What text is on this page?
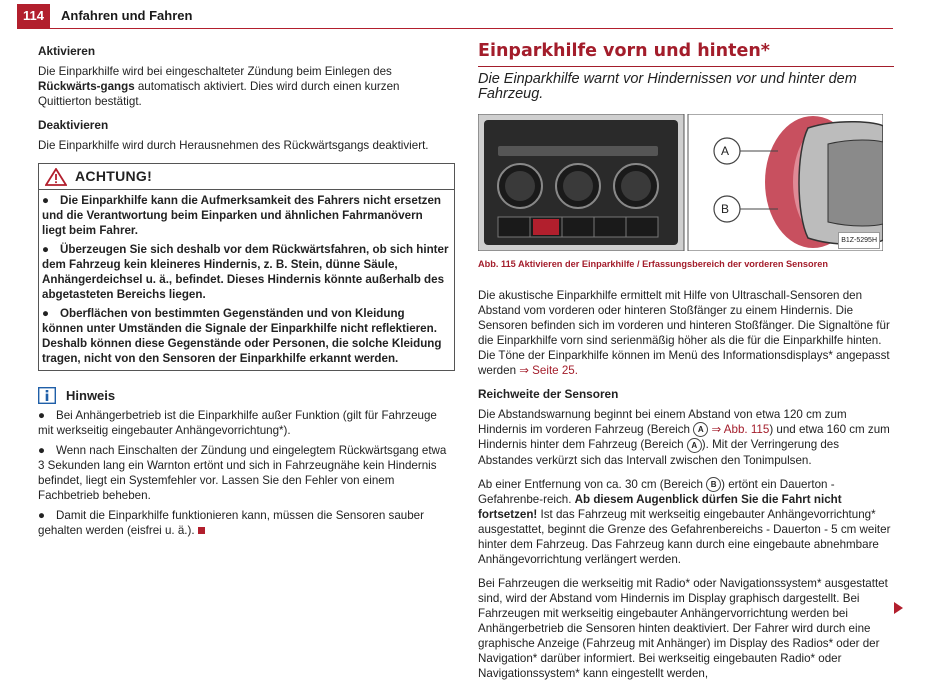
114	Anfahren und Fahren
Aktivieren

Die Einparkhilfe wird bei eingeschalteter Zündung beim Einlegen des Rückwärts-gangs automatisch aktiviert. Dies wird durch einen kurzen Quittierton bestätigt.

Deaktivieren

Die Einparkhilfe wird durch Herausnehmen des Rückwärtsgangs deaktiviert.

ACHTUNG!
● Die Einparkhilfe kann die Aufmerksamkeit des Fahrers nicht ersetzen und die Verantwortung beim Einparken und ähnlichen Fahrmanövern liegt beim Fahrer.
● Überzeugen Sie sich deshalb vor dem Rückwärtsfahren, ob sich hinter dem Fahrzeug kein kleineres Hindernis, z. B. Stein, dünne Säule, Anhängerdeichsel u. ä., befindet. Dieses Hindernis könnte außerhalb des abgetasteten Bereichs liegen.
● Oberflächen von bestimmten Gegenständen und von Kleidung können unter Umständen die Signale der Einparkhilfe nicht reflektieren. Deshalb können diese Gegenstände oder Personen, die solche Kleidung tragen, nicht von den Sensoren der Einparkhilfe erkannt werden.
Hinweis
● Bei Anhängerbetrieb ist die Einparkhilfe außer Funktion (gilt für Fahrzeuge mit werkseitig eingebauter Anhängevorrichtung*).
● Wenn nach Einschalten der Zündung und eingelegtem Rückwärtsgang etwa 3 Sekunden lang ein Warnton ertönt und sich in Fahrzeugnähe kein Hindernis befindet, liegt ein Systemfehler vor. Lassen Sie den Fehler von einem Fachbetrieb beheben.
● Damit die Einparkhilfe funktionieren kann, müssen die Sensoren sauber gehalten werden (eisfrei u. ä.).
Einparkhilfe vorn und hinten*
Die Einparkhilfe warnt vor Hindernissen vor und hinter dem Fahrzeug.
A
B
B1Z-5295H
Abb. 115 Aktivieren der Einparkhilfe / Erfassungsbereich der vorderen Sensoren

Die akustische Einparkhilfe ermittelt mit Hilfe von Ultraschall-Sensoren den Abstand vom vorderen oder hinteren Stoßfänger zu einem Hindernis. Die Sensoren befinden sich im vorderen und hinteren Stoßfänger. Die Signaltöne für die Einparkhilfe vorn sind serienmäßig höher als die für die Einparkhilfe hinten. Die Töne der Einparkhilfe können im Menü des Informationsdisplays* angepasst werden ⇒ Seite 25.

Reichweite der Sensoren

Die Abstandswarnung beginnt bei einem Abstand von etwa 120 cm zum Hindernis im vorderen Fahrzeug (Bereich A ⇒ Abb. 115) und etwa 160 cm zum Hindernis hinter dem Fahrzeug (Bereich A ). Mit der Verringerung des Abstandes verkürzt sich das Intervall zwischen den Tonimpulsen.

Ab einer Entfernung von ca. 30 cm (Bereich B ) ertönt ein Dauerton - Gefahrenbe-reich. Ab diesem Augenblick dürfen Sie die Fahrt nicht fortsetzen! Ist das Fahrzeug mit werkseitig eingebauter Anhängevorrichtung* ausgestattet, beginnt die Grenze des Gefahrenbereichs - Dauerton - 5 cm weiter hinter dem Fahrzeug. Das Fahrzeug kann durch eine eingebaute abnehmbare Anhängevorrichtung verlängert werden.

Bei Fahrzeugen die werkseitig mit Radio* oder Navigationssystem* ausgestattet sind, wird der Abstand vom Hindernis im Display graphisch dargestellt. Bei Fahrzeugen mit werkseitig eingebauter Anhängervorrichtung werden bei Anhängerbetrieb die Sensoren hinten deaktiviert. Der Fahrer wird durch eine graphische Anzeige (Fahrzeug mit Anhänger) im Display des Radios* oder der Navigation* darüber informiert. Bei werkseitig eingebauten Radio* oder Navigationssystem* kann eingestellt werden,
